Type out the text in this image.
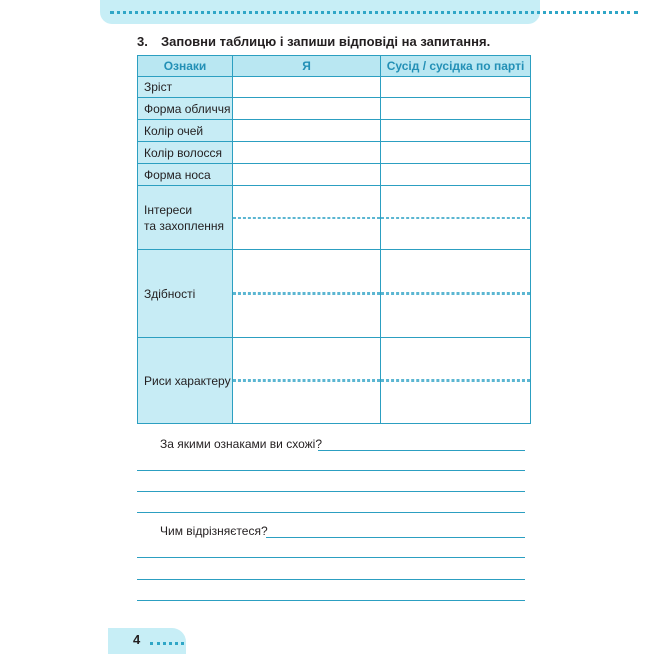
3. Заповни таблицю і запиши відповіді на запитання.
Ознаки	Я	Сусід / сусідка по парті
Зріст		
Форма обличчя		
Колір очей		
Колір волосся		
Форма носа		
Інтереси
та захоплення	

Здібності	

Риси характеру	

За якими ознаками ви схожі?
Чим відрізняєтеся?
4
